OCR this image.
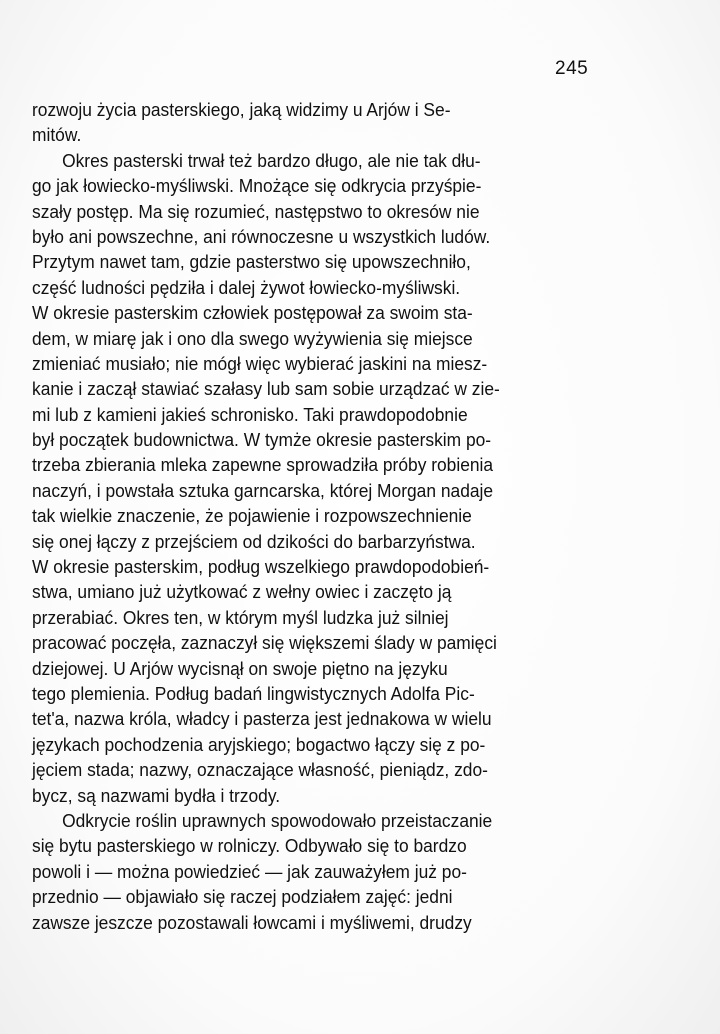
245
rozwoju życia pasterskiego, jaką widzimy u Arjów i Se-
mitów.
Okres pasterski trwał też bardzo długo, ale nie tak dłu-
go jak łowiecko-myśliwski. Mnożące się odkrycia przyśpie-
szały postęp. Ma się rozumieć, następstwo to okresów nie
było ani powszechne, ani równoczesne u wszystkich ludów.
Przytym nawet tam, gdzie pasterstwo się upowszechniło,
część ludności pędziła i dalej żywot łowiecko-myśliwski.
W okresie pasterskim człowiek postępował za swoim sta-
dem, w miarę jak i ono dla swego wyżywienia się miejsce
zmieniać musiało; nie mógł więc wybierać jaskini na miesz-
kanie i zaczął stawiać szałasy lub sam sobie urządzać w zie-
mi lub z kamieni jakieś schronisko. Taki prawdopodobnie
był początek budownictwa. W tymże okresie pasterskim po-
trzeba zbierania mleka zapewne sprowadziła próby robienia
naczyń, i powstała sztuka garncarska, której Morgan nadaje
tak wielkie znaczenie, że pojawienie i rozpowszechnienie
się onej łączy z przejściem od dzikości do barbarzyństwa.
W okresie pasterskim, podług wszelkiego prawdopodobień-
stwa, umiano już użytkować z wełny owiec i zaczęto ją
przerabiać. Okres ten, w którym myśl ludzka już silniej
pracować poczęła, zaznaczył się większemi ślady w pamięci
dziejowej. U Arjów wycisnął on swoje piętno na języku
tego plemienia. Podług badań lingwistycznych Adolfa Pic-
tet'a, nazwa króla, władcy i pasterza jest jednakowa w wielu
językach pochodzenia aryjskiego; bogactwo łączy się z po-
jęciem stada; nazwy, oznaczające własność, pieniądz, zdo-
bycz, są nazwami bydła i trzody.
Odkrycie roślin uprawnych spowodowało przeistaczanie
się bytu pasterskiego w rolniczy. Odbywało się to bardzo
powoli i — można powiedzieć — jak zauważyłem już po-
przednio — objawiało się raczej podziałem zajęć: jedni
zawsze jeszcze pozostawali łowcami i myśliwemi, drudzy
